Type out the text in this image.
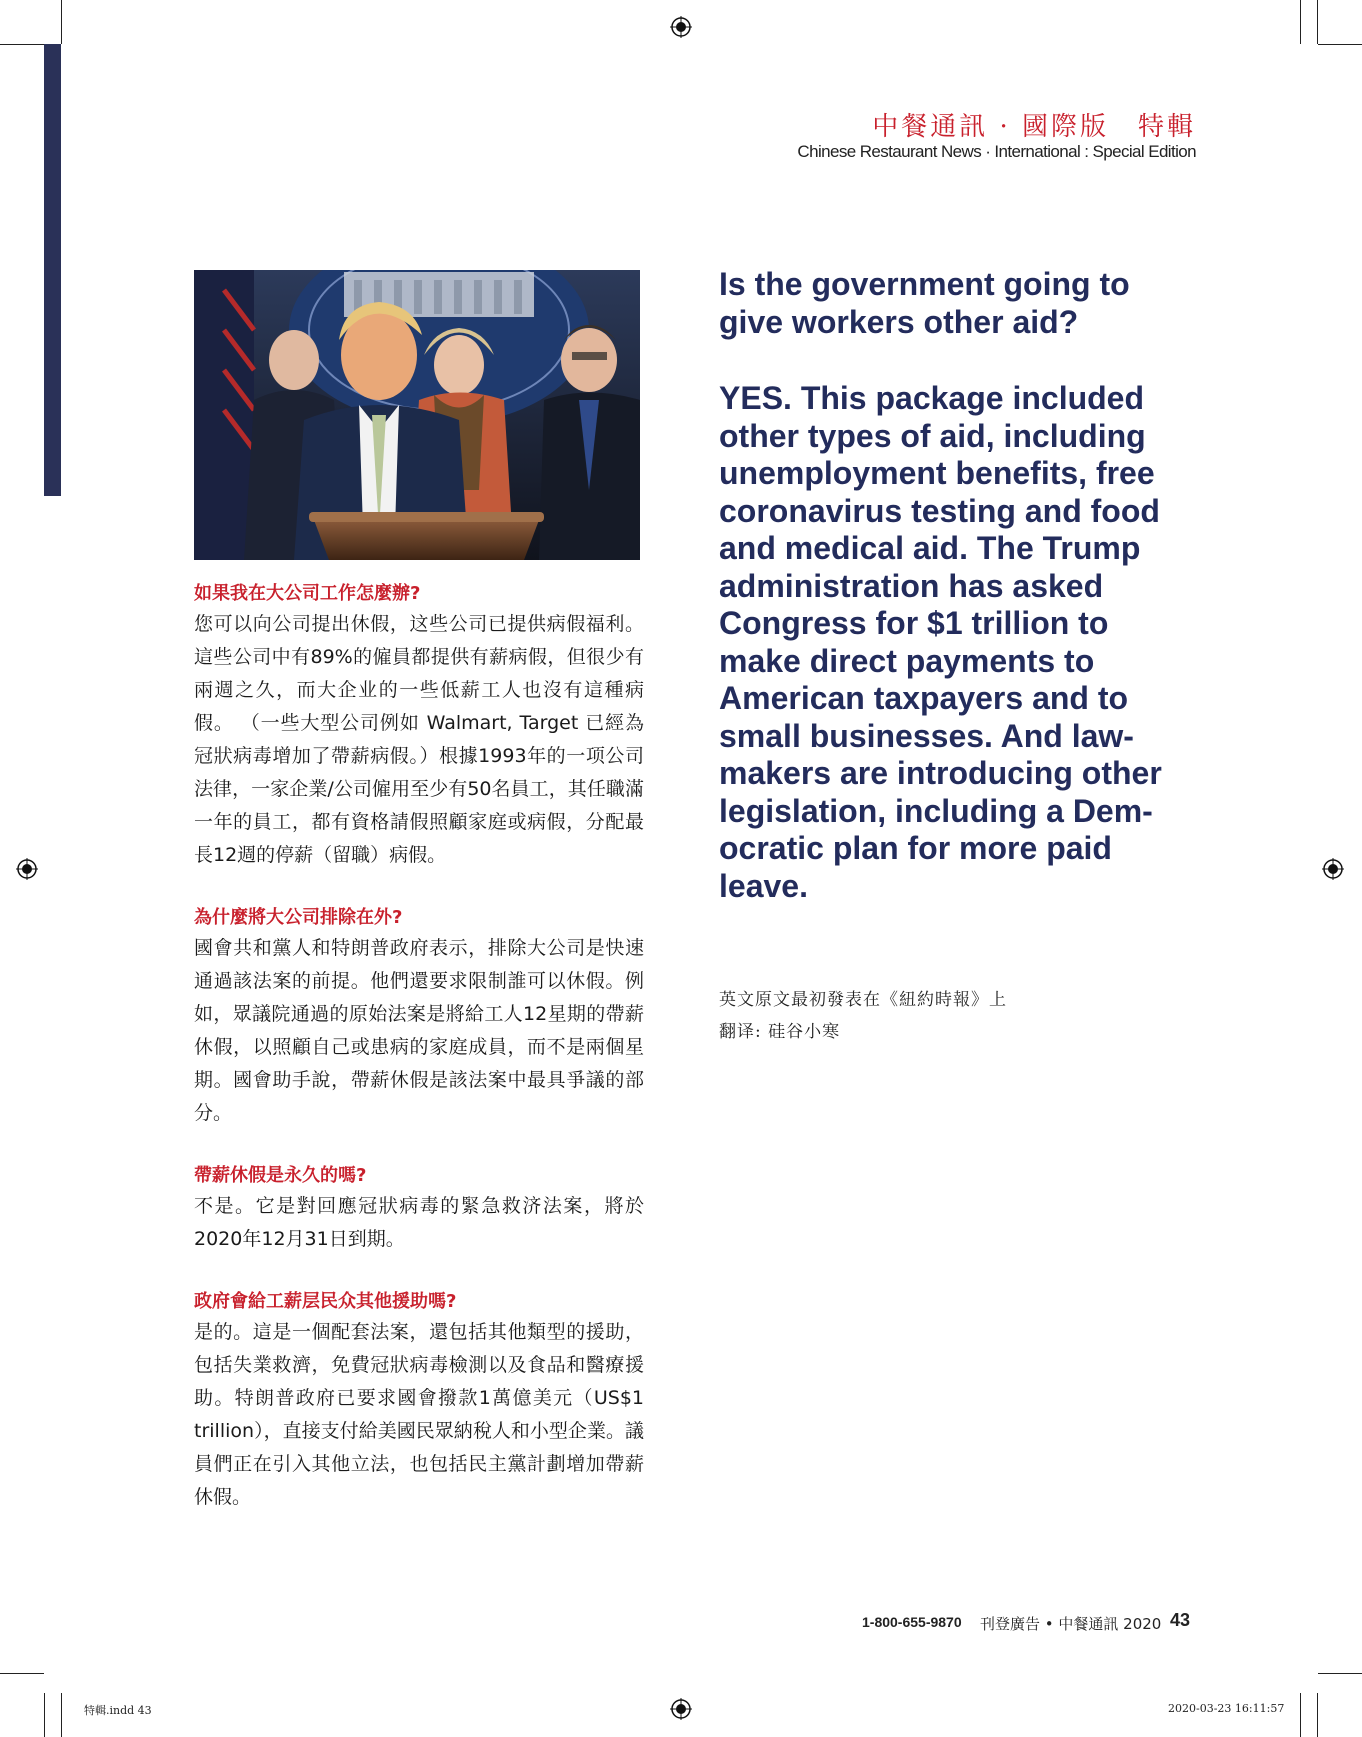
中餐通訊 · 國際版　特輯
Chinese Restaurant News · International : Special Edition
如果我在大公司工作怎麼辦?

您可以向公司提出休假，这些公司已提供病假福利。這些公司中有89%的僱員都提供有薪病假，但很少有兩週之久，而大企业的一些低薪工人也沒有這種病假。 （一些大型公司例如 Walmart, Target 已經為冠狀病毒增加了帶薪病假。）根據1993年的一项公司法律，一家企業/公司僱用至少有50名員工，其任職滿一年的員工，都有資格請假照顧家庭或病假，分配最長12週的停薪（留職）病假。

為什麼將大公司排除在外?

國會共和黨人和特朗普政府表示，排除大公司是快速通過該法案的前提。他們還要求限制誰可以休假。例如，眾議院通過的原始法案是將給工人12星期的帶薪休假，以照顧自己或患病的家庭成員，而不是兩個星期。國會助手說，帶薪休假是該法案中最具爭議的部分。

帶薪休假是永久的嗎?

不是。它是對回應冠狀病毒的緊急救济法案，將於2020年12月31日到期。

政府會給工薪层民众其他援助嗎?

是的。這是一個配套法案，還包括其他類型的援助，包括失業救濟，免費冠狀病毒檢測以及食品和醫療援助。特朗普政府已要求國會撥款1萬億美元（US$1 trillion），直接支付給美國民眾納稅人和小型企業。議員們正在引入其他立法，也包括民主黨計劃增加帶薪休假。

Is the government going to give workers other aid?

YES. This package included other types of aid, including unemployment benefits, free coronavirus testing and food and medical aid. The Trump administration has asked Congress for $1 trillion to make direct payments to American taxpayers and to small businesses. And law-makers are introducing other legislation, including a Dem-ocratic plan for more paid leave.

英文原文最初發表在《紐約時報》上
翻译: 硅谷小寒
1-800-655-9870 刊登廣告 • 中餐通訊 2020 43
特輯.indd 43	2020-03-23 16:11:57
